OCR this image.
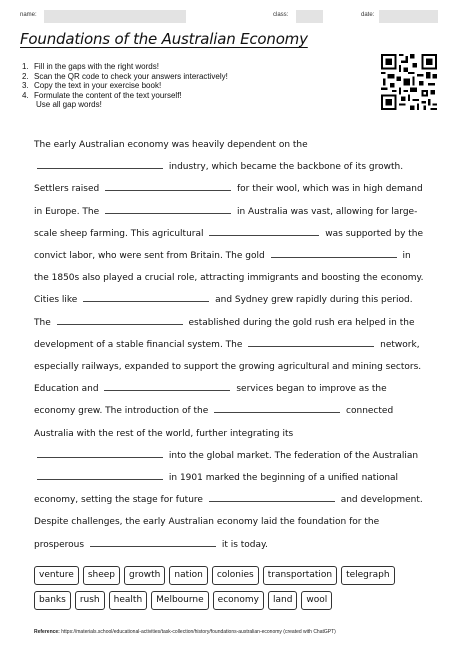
name:	class:	date:
Foundations of the Australian Economy
1. Fill in the gaps with the right words!
2. Scan the QR code to check your answers interactively!
3. Copy the text in your exercise book!
4. Formulate the content of the text yourself!
Use all gap words!
The early Australian economy was heavily dependent on the  industry, which became the backbone of its growth. Settlers raised	for their wool, which was in high demand in Europe. The	in Australia was vast, allowing for large-scale sheep farming. This agricultural	was supported by the convict labor, who were sent from Britain. The gold	in the 1850s also played a crucial role, attracting immigrants and boosting the economy. Cities like	and Sydney grew rapidly during this period. The	established during the gold rush era helped in the development of a stable financial system. The	network, especially railways, expanded to support the growing agricultural and mining sectors. Education and	services began to improve as the economy grew. The introduction of the	connected Australia with the rest of the world, further integrating its  into the global market. The federation of the Australian  in 1901 marked the beginning of a unified national economy, setting the stage for future	and development. Despite challenges, the early Australian economy laid the foundation for the prosperous	it is today.
venture	sheep	growth	nation	colonies	transportation	telegraph
banks	rush	health	Melbourne	economy	land	wool
Reference: https://materials.school/educational-activities/task-collection/history/foundations-australian-economy (created with ChatGPT)
